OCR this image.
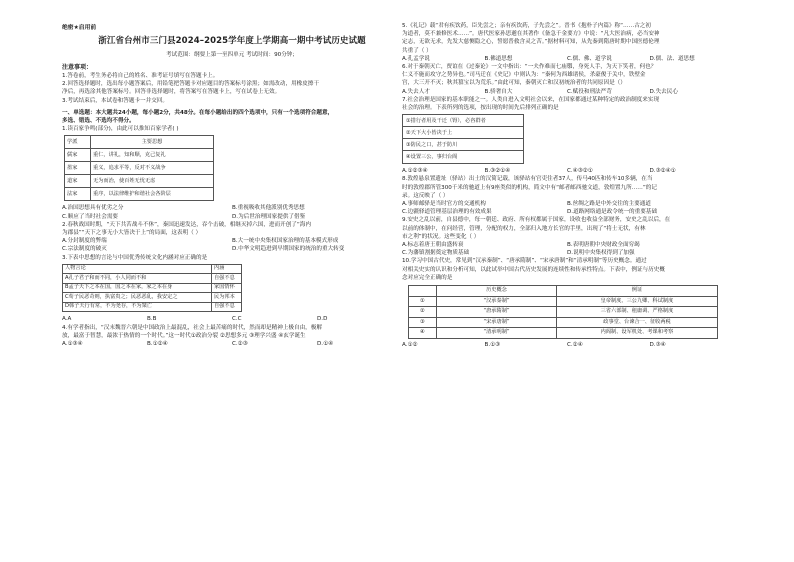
绝密★启用前
浙江省台州市三门县2024–2025学年度上学期高一期中考试历史试题
考试范围：纲要上第一至四单元 考试时间：90分钟；
注意事项：
1.答卷前，考生务必将自己的姓名、准考证号填写在答题卡上。
2.回答选择题时，选出每小题答案后，用铅笔把答题卡对应题目的答案标号涂黑；如需改动，用橡皮擦干
净后，再选涂其他答案标号。回答非选择题时，将答案写在答题卡上，写在试卷上无效。
3.考试结束后，本试卷和答题卡一并交回。
一、单选题：本大题共24小题，每小题2分，共48分。在每小题给出的四个选项中，只有一个选项符合题意，
多选、错选、不选均不得分。
1.读百家争鸣(部分)，由此可以推知百家学者( )
学派	主要思想
儒家	重仁，讲礼，知和顺，克己复礼
墨家	重义，追求平等，反对不义战争
道家	无为而治，使百姓无忧无虑
法家	重序，以法律维护和谐社会各阶层
A.治国思想具有优劣之分	B.重视吸收其他派别优秀思想
C.顺应了当时社会需要	D.为后世治理国家提供了借鉴
2.春秋战国时期，“天下共苦战斗不休”，秦国迅速发达，吞个击破，相继灭掉六国，进而开创了“海内
为郡县”“天下之事无小大皆决于上”的局面，这表明（ ）
A.分封制度的弊端	B.大一统中央集权国家治理的基本模式形成
C.宗法制度的破灭	D.中华文明趋进到早期国家的统治的重大转变
3.下表中思想的言论与中国优秀传统文化内涵对应正确的是
人物言论	内涵
A孔子君子和而不同，小人同而不和	自强不息
B孟子天下之本在国，国之本在家，家之本在身	家国情怀
C荀子民恶苛则，执富贵之；民恶恶乱，我安定之	民为邦本
D韩子天行有常，不为尧存，不为桀亡	自强不息
A.A	B.B	C.C	D.D
4.有学者指出，“汉末魏晋六朝是中国政治上最混乱，社会上最苦痛的时代，然而却是精神上极自由，极解
放，最富于智慧，最浓于热情的一个时代。”这一时代①政治分裂 ②思想多元 ③理学兴盛 ④玄学诞生
A.①③④	B.①②④	C.②③	D.①④
5.《礼记》载“君有疾饮药，臣先尝之；亲有疾饮药，子先尝之”。晋书《抱朴子内篇》称“……古之初
为道者，莫不兼修医术……”。唐代医家孙思邈在其著作《备急千金要方》中说：“凡大医治病，必当安神
定志，无欲无求，先发大慈恻隐之心，誓愿普救含灵之苦。”据材料可知，从先秦到隋唐时期中国医德伦理
共重了（ ）
A.孔孟学说	B.佛道思想	C.儒、佛、道学说	D.儒、法、道思想
6.对于秦朝灭亡，贾谊在《过秦论》一文中指出：“一夫作难而七庙隳，身死人手，为天下笑者，何也？
仁义不施而攻守之势异也。”司马迁在《史记》中则认为：“秦何为西雄诸侯，杀豪俊于关中，铁壁金
宫，大三开不灭；秋其篡宝以为荒乐。”由此可知，秦朝灭亡和汉初统治者的共同原因是（）
A.失去人才	B.骄奢自大	C.赋役和刑法严苛	D.失去民心
7.社会治理是国家的基本职能之一。人类自进入文明社会以来，在国家都通过某种特定的政治制度来实现
社会的治理。下表所列的选项，按出现的时间先后排列正确的是
①措行者用及干迁（锝），必咨群者
②天下大小皆决于上
③防民之口，甚于防川
④设置三公，事归台阁
A.①②③④	B.③②①④	C.④③②①	D.③②④①
8.敦煌悬泉置遗址（驿站）出土的汉简记载，该驿站有官吏住者37人，传马40匹和传车10多辆，在当
时的敦煌郡所管300千米的驰道上有9座类似的机构，简文中有“邮者邮西驰文道，敦煌置九所……”的记
录。这反映了（ ）
A.事师邮驿是当时官方的交通机构	B.丝绸之路是中外交往的主要通道
C.边疆驿道管理基层治理的有效成果	D.道路网络通是政令统一的重要基础
9.安史之乱以前，自县德中，每一朝廷、政府、所有权都属于国家，设收也收益全部财务，安史之乱以后，在
以前的体制中，在问经营，管理，分配的权力，全部归入地方长官的手里，出现了“将士无状，有林
市之利”的状况。这些变化（ ）
A.标志着唐王朝由盛转衰	B.表明唐朝中央财政全面穷竭
C.为藩镇割据奠定物质基础	D.说明中央集权得到了加强
10.学习中国古代史，常见到“汉承秦制”、“唐承隋制”、“宋承唐制”和“清承明制”等历史概念。通过
对相关史实的认识和分析可知，以此试举中国古代历史发展的连续性和传承性特点。下表中，例证与历史概
念对应完全正确的是
	历史概念	例证
①	“汉承秦制”	皇帝制度、三公九卿、科试制度
②	“唐承隋制”	三省六部制、租庸调、严格制度
③	“宋承唐制”	政事堂、台谏合一、征收两税
④	“清承明制”	内阁制、设军机处、考课和考察
A.①②	B.①③	C.②④	D.③④
